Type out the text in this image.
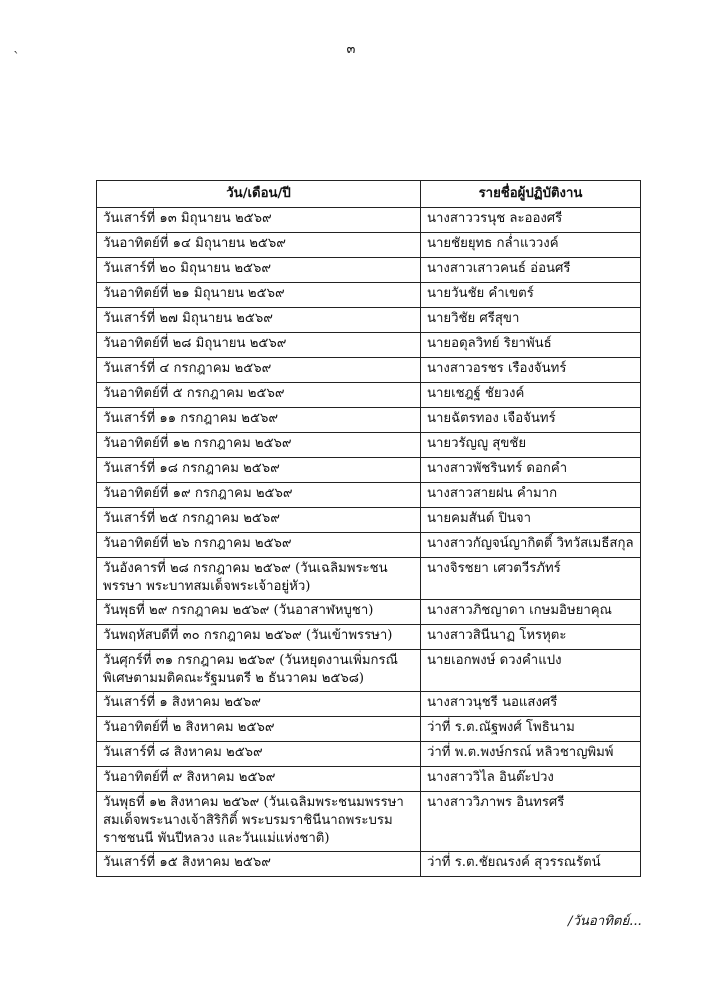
`
๓
วัน/เดือน/ปี	รายชื่อผู้ปฏิบัติงาน
วันเสาร์ที่ ๑๓ มิถุนายน ๒๕๖๙	นางสาววรนุช ละอองศรี
วันอาทิตย์ที่ ๑๔ มิถุนายน ๒๕๖๙	นายชัยยุทธ กล่ำแววงค์
วันเสาร์ที่ ๒๐ มิถุนายน ๒๕๖๙	นางสาวเสาวคนธ์ อ่อนศรี
วันอาทิตย์ที่ ๒๑ มิถุนายน ๒๕๖๙	นายวันชัย คำเขตร์
วันเสาร์ที่ ๒๗ มิถุนายน ๒๕๖๙	นายวิชัย ศรีสุขา
วันอาทิตย์ที่ ๒๘ มิถุนายน ๒๕๖๙	นายอดุลวิทย์ ริยาพันธ์
วันเสาร์ที่ ๔ กรกฎาคม ๒๕๖๙	นางสาวอรชร เรืองจันทร์
วันอาทิตย์ที่ ๕ กรกฎาคม ๒๕๖๙	นายเชฎฐ์ ชัยวงค์
วันเสาร์ที่ ๑๑ กรกฎาคม ๒๕๖๙	นายฉัตรทอง เจือจันทร์
วันอาทิตย์ที่ ๑๒ กรกฎาคม ๒๕๖๙	นายวรัญญู สุขชัย
วันเสาร์ที่ ๑๘ กรกฎาคม ๒๕๖๙	นางสาวพัชรินทร์ ดอกคำ
วันอาทิตย์ที่ ๑๙ กรกฎาคม ๒๕๖๙	นางสาวสายฝน คำมาก
วันเสาร์ที่ ๒๕ กรกฎาคม ๒๕๖๙	นายคมสันต์ ปินจา
วันอาทิตย์ที่ ๒๖ กรกฎาคม ๒๕๖๙	นางสาวกัญจน์ญากิตติ์ วิทวัสเมธีสกุล
วันอังคารที่ ๒๘ กรกฎาคม ๒๕๖๙ (วันเฉลิมพระชนพรรษา พระบาทสมเด็จพระเจ้าอยู่หัว)	นางจิรชยา เศวตวีรภัทร์
วันพุธที่ ๒๙ กรกฎาคม ๒๕๖๙ (วันอาสาฬหบูชา)	นางสาวภิชญาดา เกษมอิษยาคุณ
วันพฤหัสบดีที่ ๓๐ กรกฎาคม ๒๕๖๙ (วันเข้าพรรษา)	นางสาวสินีนาฏ โหรหุตะ
วันศุกร์ที่ ๓๑ กรกฎาคม ๒๕๖๙ (วันหยุดงานเพิ่มกรณีพิเศษตามมติคณะรัฐมนตรี ๒ ธันวาคม ๒๕๖๘)	นายเอกพงษ์ ดวงคำแปง
วันเสาร์ที่ ๑ สิงหาคม ๒๕๖๙	นางสาวนุชรี นอแสงศรี
วันอาทิตย์ที่ ๒ สิงหาคม ๒๕๖๙	ว่าที่ ร.ต.ณัฐพงศ์ โพธินาม
วันเสาร์ที่ ๘ สิงหาคม ๒๕๖๙	ว่าที่ พ.ต.พงษ์กรณ์ หลิวชาญพิมพ์
วันอาทิตย์ที่ ๙ สิงหาคม ๒๕๖๙	นางสาววิไล อินต๊ะปวง
วันพุธที่ ๑๒ สิงหาคม ๒๕๖๙ (วันเฉลิมพระชนมพรรษา สมเด็จพระนางเจ้าสิริกิติ์ พระบรมราชินีนาถพระบรมราชชนนี พันปีหลวง และวันแม่แห่งชาติ)	นางสาววิภาพร อินทรศรี
วันเสาร์ที่ ๑๕ สิงหาคม ๒๕๖๙	ว่าที่ ร.ต.ชัยณรงค์ สุวรรณรัตน์
/วันอาทิตย์...
